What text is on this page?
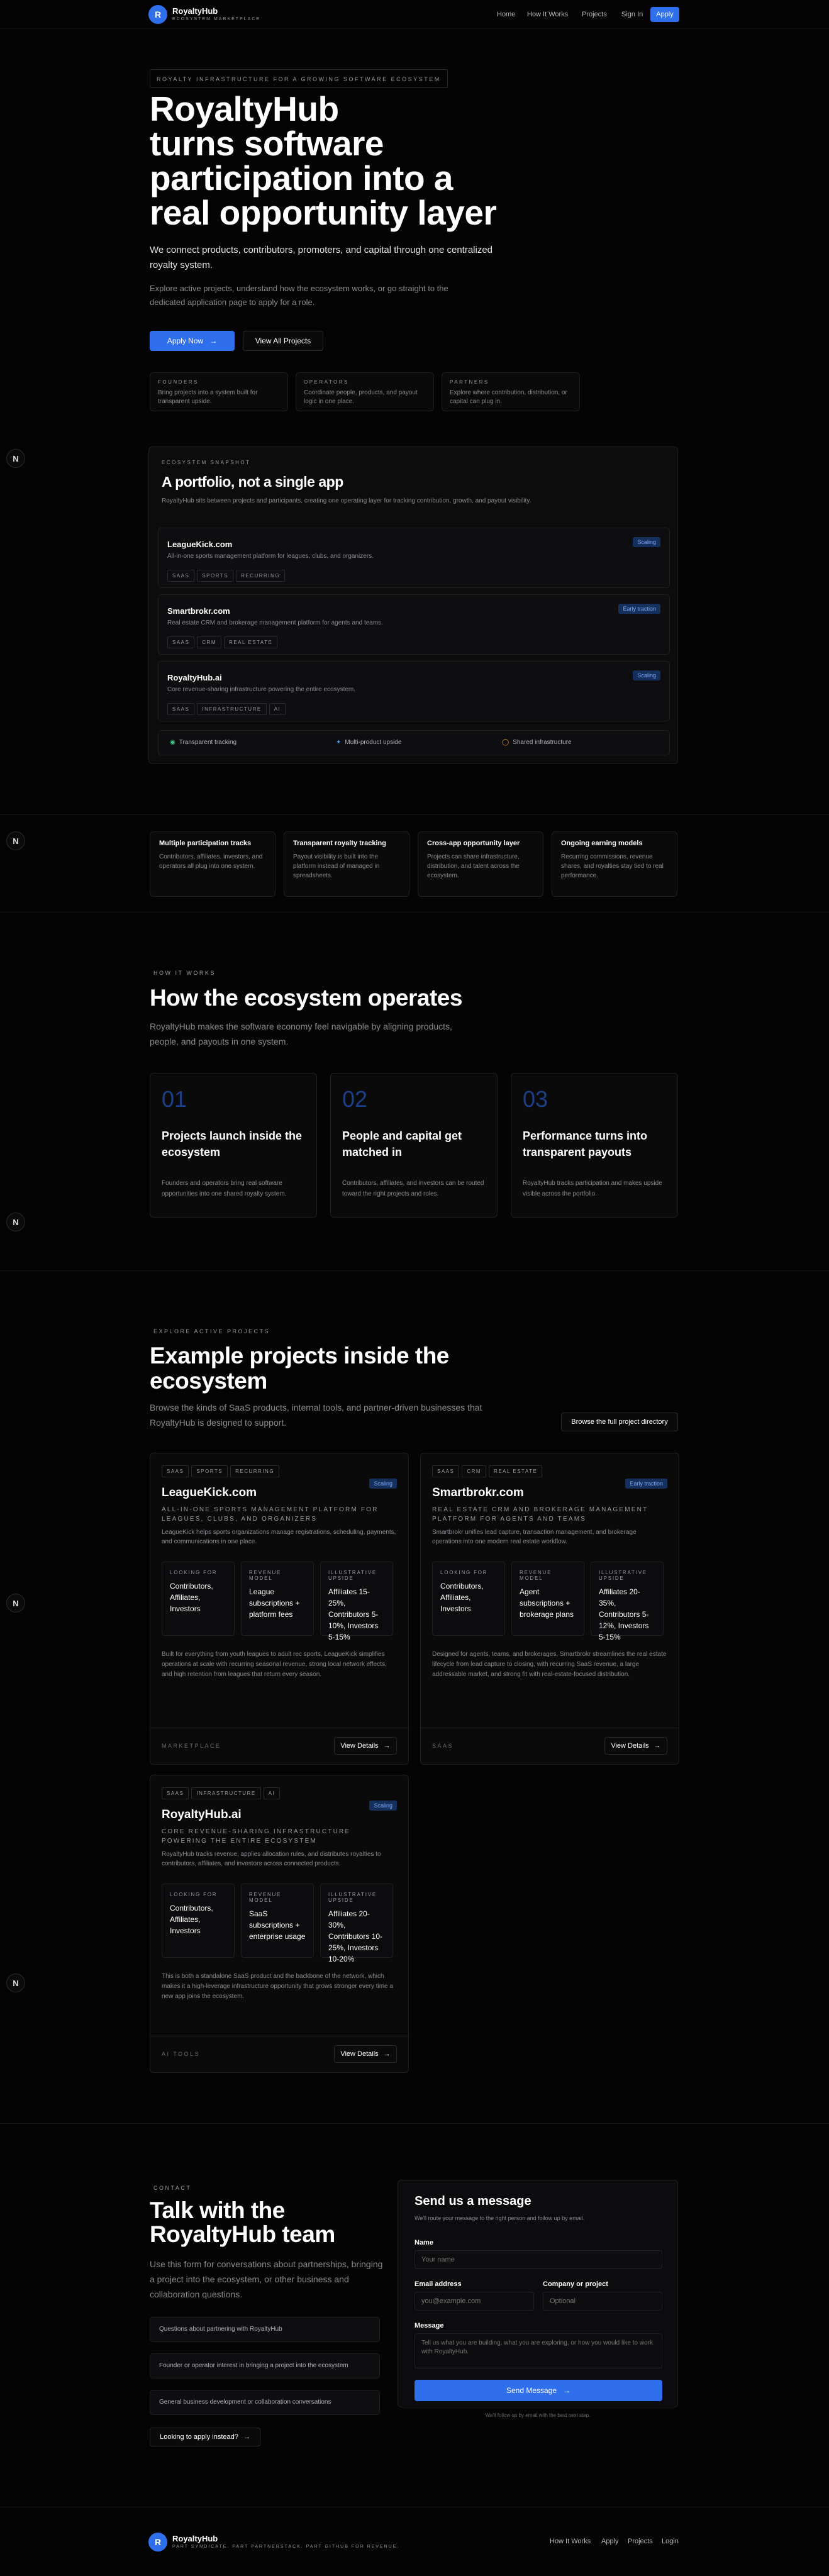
R	RoyaltyHub
ECOSYSTEM MARKETPLACE
Home How It Works Projects Sign In	Apply
ROYALTY INFRASTRUCTURE FOR A GROWING SOFTWARE ECOSYSTEM
RoyaltyHub
turns software
participation into a
real opportunity layer

We connect products, contributors, promoters, and capital through one centralized royalty system.

Explore active projects, understand how the ecosystem works, or go straight to the dedicated application page to apply for a role.

Apply Now →	View All Projects
FOUNDERS
Bring projects into a system built for transparent upside.
OPERATORS
Coordinate people, products, and payout logic in one place.
PARTNERS
Explore where contribution, distribution, or capital can plug in.
N	ECOSYSTEM SNAPSHOT
A portfolio, not a single app

RoyaltyHub sits between projects and participants, creating one operating layer for tracking contribution, growth, and payout visibility.

LeagueKick.com
All-in-one sports management platform for leagues, clubs, and organizers.
SAAS	SPORTS	RECURRING
Scaling
Smartbrokr.com
Real estate CRM and brokerage management platform for agents and teams.
SAAS	CRM	REAL ESTATE
Early traction
RoyaltyHub.ai
Core revenue-sharing infrastructure powering the entire ecosystem.
SAAS	INFRASTRUCTURE	AI
Scaling
◉ Transparent tracking	✦ Multi-product upside	◯ Shared infrastructure
N	Multiple participation tracks
Contributors, affiliates, investors, and operators all plug into one system.
Transparent royalty tracking
Payout visibility is built into the platform instead of managed in spreadsheets.
Cross-app opportunity layer
Projects can share infrastructure, distribution, and talent across the ecosystem.
Ongoing earning models
Recurring commissions, revenue shares, and royalties stay tied to real performance.
HOW IT WORKS
How the ecosystem operates

RoyaltyHub makes the software economy feel navigable by aligning products, people, and payouts in one system.

01
Projects launch inside the ecosystem
Founders and operators bring real software opportunities into one shared royalty system.
02
People and capital get matched in
Contributors, affiliates, and investors can be routed toward the right projects and roles.
03
Performance turns into transparent payouts
RoyaltyHub tracks participation and makes upside visible across the portfolio.
N
EXPLORE ACTIVE PROJECTS
Example projects inside the
ecosystem

Browse the kinds of SaaS products, internal tools, and partner-driven businesses that RoyaltyHub is designed to support.	Browse the full project directory
SAAS	SPORTS	RECURRING
Scaling
LeagueKick.com
ALL-IN-ONE SPORTS MANAGEMENT PLATFORM FOR LEAGUES, CLUBS, AND ORGANIZERS
LeagueKick helps sports organizations manage registrations, scheduling, payments, and communications in one place.
LOOKING FOR
Contributors, Affiliates, Investors
REVENUE MODEL
League subscriptions + platform fees
ILLUSTRATIVE UPSIDE
Affiliates 15-25%, Contributors 5-10%, Investors 5-15%
Built for everything from youth leagues to adult rec sports, LeagueKick simplifies operations at scale with recurring seasonal revenue, strong local network effects, and high retention from leagues that return every season.
MARKETPLACE	View Details →
SAAS	CRM	REAL ESTATE
Early traction
Smartbrokr.com
REAL ESTATE CRM AND BROKERAGE MANAGEMENT PLATFORM FOR AGENTS AND TEAMS
Smartbrokr unifies lead capture, transaction management, and brokerage operations into one modern real estate workflow.
LOOKING FOR
Contributors, Affiliates, Investors
REVENUE MODEL
Agent subscriptions + brokerage plans
ILLUSTRATIVE UPSIDE
Affiliates 20-35%, Contributors 5-12%, Investors 5-15%
Designed for agents, teams, and brokerages, Smartbrokr streamlines the real estate lifecycle from lead capture to closing, with recurring SaaS revenue, a large addressable market, and strong fit with real-estate-focused distribution.
SAAS	View Details →
N
SAAS	INFRASTRUCTURE	AI
Scaling
RoyaltyHub.ai
CORE REVENUE-SHARING INFRASTRUCTURE POWERING THE ENTIRE ECOSYSTEM
RoyaltyHub tracks revenue, applies allocation rules, and distributes royalties to contributors, affiliates, and investors across connected products.
LOOKING FOR
Contributors, Affiliates, Investors
REVENUE MODEL
SaaS subscriptions + enterprise usage
ILLUSTRATIVE UPSIDE
Affiliates 20-30%, Contributors 10-25%, Investors 10-20%
This is both a standalone SaaS product and the backbone of the network, which makes it a high-leverage infrastructure opportunity that grows stronger every time a new app joins the ecosystem.
AI TOOLS	View Details →
N
CONTACT
Talk with the
RoyaltyHub team

Use this form for conversations about partnerships, bringing a project into the ecosystem, or other business and collaboration questions.

Questions about partnering with RoyaltyHub
Founder or operator interest in bringing a project into the ecosystem
General business development or collaboration conversations
Looking to apply instead? →
Send us a message
We'll route your message to the right person and follow up by email.
Name
Your name
Email address
you@example.com	Company or project
Optional
Message
Tell us what you are building, what you are exploring, or how you would like to work with RoyaltyHub.
Send Message →
We'll follow up by email with the best next step.
R	RoyaltyHub
PART SYNDICATE. PART PARTNERSTACK. PART GITHUB FOR REVENUE.
How It Works Apply Projects Login
